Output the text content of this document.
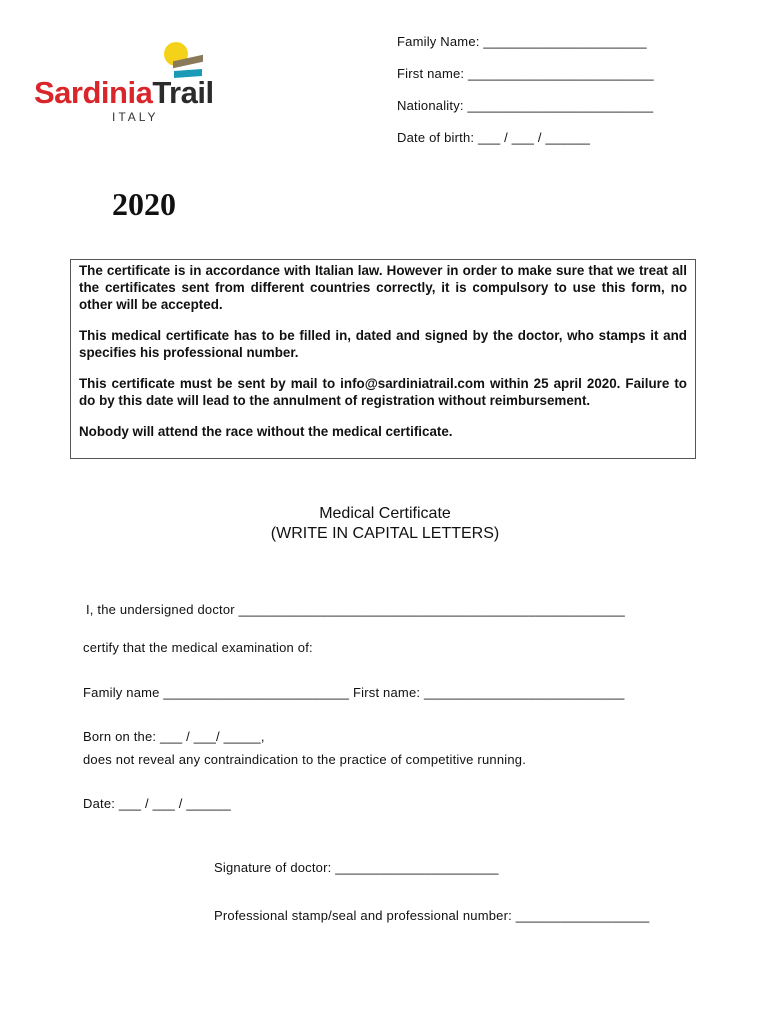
SardiniaTrail
ITALY
Family Name: ______________________
First name: _________________________
Nationality: _________________________
Date of birth: ___ / ___ / ______
2020

The certificate is in accordance with Italian law. However in order to make sure that we treat all the certificates sent from different countries correctly, it is compulsory to use this form, no other will be accepted.

This medical certificate has to be filled in, dated and signed by the doctor, who stamps it and specifies his professional number.

This certificate must be sent by mail to info@sardiniatrail.com within 25 april 2020. Failure to do by this date will lead to the annulment of registration without reimbursement.

Nobody will attend the race without the medical certificate.

Medical Certificate
(WRITE IN CAPITAL LETTERS)
I, the undersigned doctor ____________________________________________________
certify that the medical examination of:
Family name _________________________ First name: ___________________________
Born on the: ___ / ___/ _____,
does not reveal any contraindication to the practice of competitive running.
Date: ___ / ___ / ______
Signature of doctor: ______________________
Professional stamp/seal and professional number: __________________
